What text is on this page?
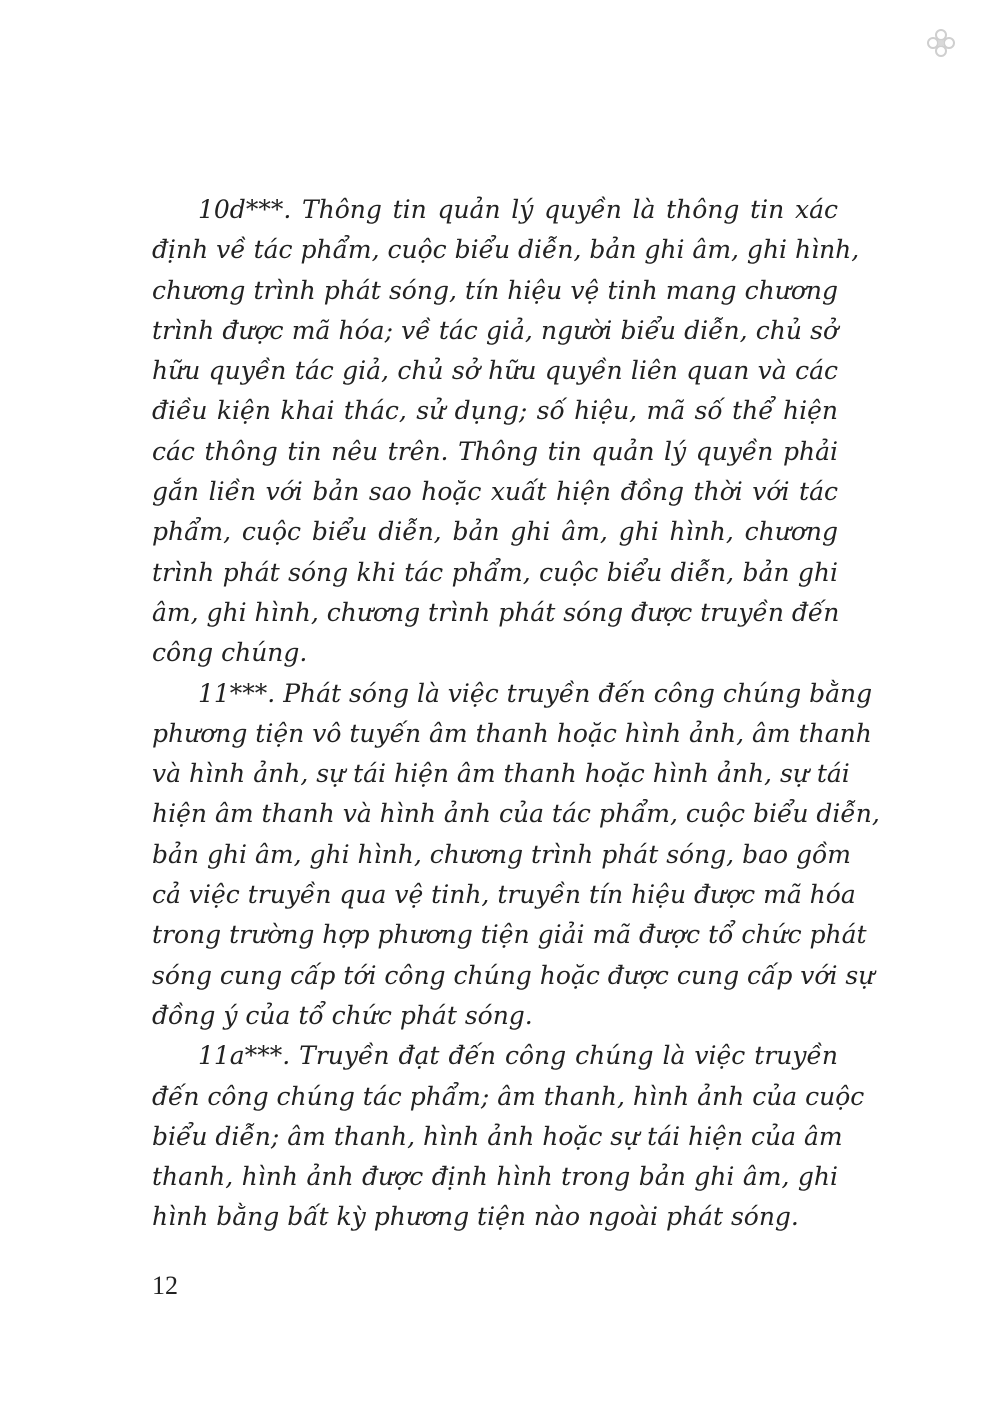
10d***. Thông tin quản lý quyền là thông tin xác
định về tác phẩm, cuộc biểu diễn, bản ghi âm, ghi hình,
chương trình phát sóng, tín hiệu vệ tinh mang chương
trình được mã hóa; về tác giả, người biểu diễn, chủ sở
hữu quyền tác giả, chủ sở hữu quyền liên quan và các
điều kiện khai thác, sử dụng; số hiệu, mã số thể hiện
các thông tin nêu trên. Thông tin quản lý quyền phải
gắn liền với bản sao hoặc xuất hiện đồng thời với tác
phẩm, cuộc biểu diễn, bản ghi âm, ghi hình, chương
trình phát sóng khi tác phẩm, cuộc biểu diễn, bản ghi
âm, ghi hình, chương trình phát sóng được truyền đến
công chúng.
11***. Phát sóng là việc truyền đến công chúng bằng
phương tiện vô tuyến âm thanh hoặc hình ảnh, âm thanh
và hình ảnh, sự tái hiện âm thanh hoặc hình ảnh, sự tái
hiện âm thanh và hình ảnh của tác phẩm, cuộc biểu diễn,
bản ghi âm, ghi hình, chương trình phát sóng, bao gồm
cả việc truyền qua vệ tinh, truyền tín hiệu được mã hóa
trong trường hợp phương tiện giải mã được tổ chức phát
sóng cung cấp tới công chúng hoặc được cung cấp với sự
đồng ý của tổ chức phát sóng.
11a***. Truyền đạt đến công chúng là việc truyền
đến công chúng tác phẩm; âm thanh, hình ảnh của cuộc
biểu diễn; âm thanh, hình ảnh hoặc sự tái hiện của âm
thanh, hình ảnh được định hình trong bản ghi âm, ghi
hình bằng bất kỳ phương tiện nào ngoài phát sóng.
12
